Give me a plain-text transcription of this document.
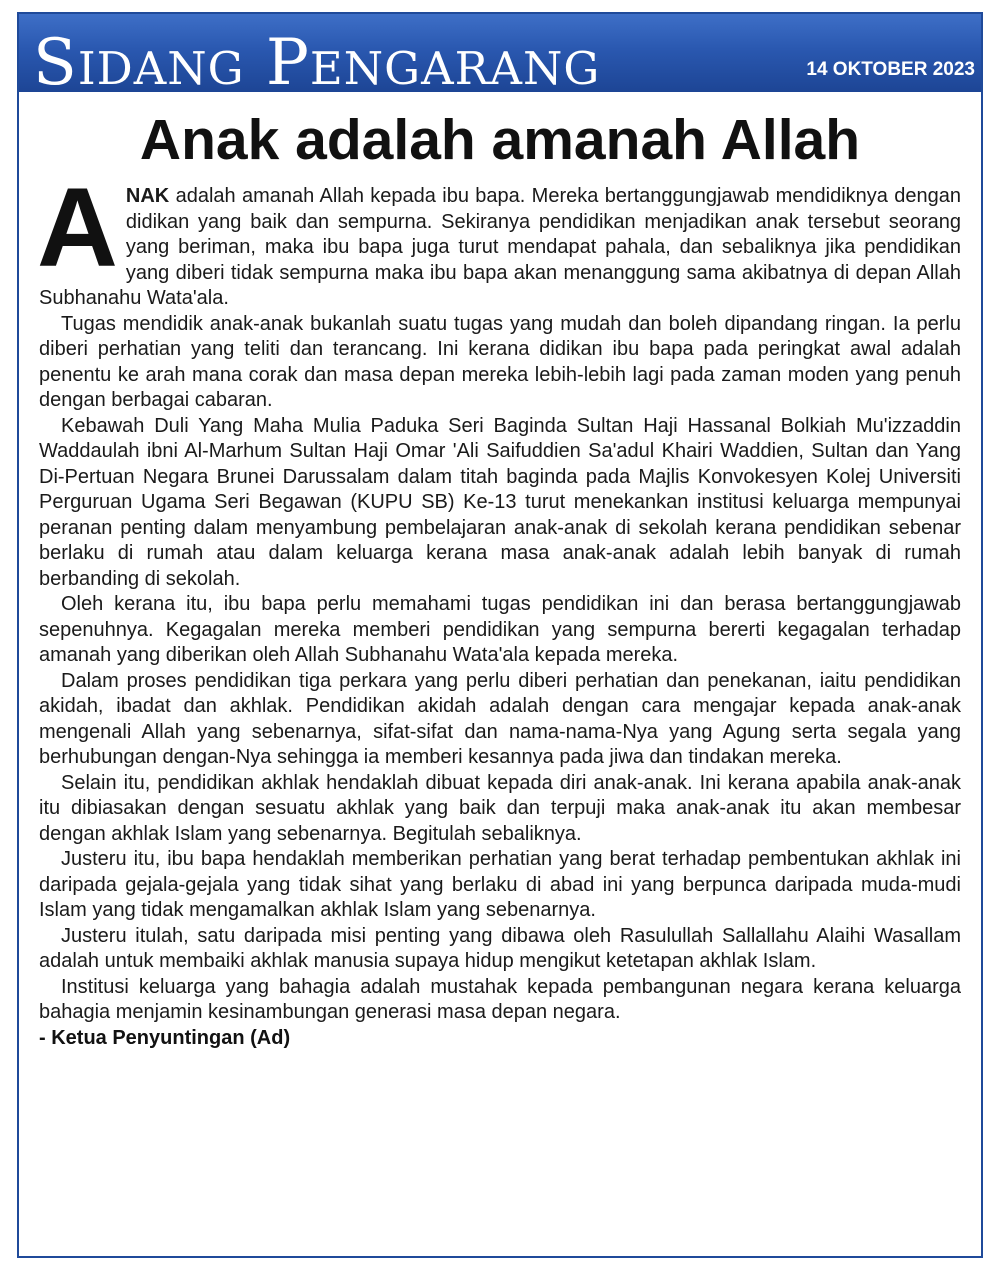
Sidang Pengarang	14 OKTOBER 2023
Anak adalah amanah Allah

ANAK adalah amanah Allah kepada ibu bapa. Mereka bertanggungjawab mendidiknya dengan didikan yang baik dan sempurna. Sekiranya pendidikan menjadikan anak tersebut seorang yang beriman, maka ibu bapa juga turut mendapat pahala, dan sebaliknya jika pendidikan yang diberi tidak sempurna maka ibu bapa akan menanggung sama akibatnya di depan Allah Subhanahu Wata'ala.

Tugas mendidik anak-anak bukanlah suatu tugas yang mudah dan boleh dipandang ringan. Ia perlu diberi perhatian yang teliti dan terancang. Ini kerana didikan ibu bapa pada peringkat awal adalah penentu ke arah mana corak dan masa depan mereka lebih-lebih lagi pada zaman moden yang penuh dengan berbagai cabaran.

Kebawah Duli Yang Maha Mulia Paduka Seri Baginda Sultan Haji Hassanal Bolkiah Mu'izzaddin Waddaulah ibni Al-Marhum Sultan Haji Omar 'Ali Saifuddien Sa'adul Khairi Waddien, Sultan dan Yang Di-Pertuan Negara Brunei Darussalam dalam titah baginda pada Majlis Konvokesyen Kolej Universiti Perguruan Ugama Seri Begawan (KUPU SB) Ke-13 turut menekankan institusi keluarga mempunyai peranan penting dalam menyambung pembelajaran anak-anak di sekolah kerana pendidikan sebenar berlaku di rumah atau dalam keluarga kerana masa anak-anak adalah lebih banyak di rumah berbanding di sekolah.

Oleh kerana itu, ibu bapa perlu memahami tugas pendidikan ini dan berasa bertanggungjawab sepenuhnya. Kegagalan mereka memberi pendidikan yang sempurna bererti kegagalan terhadap amanah yang diberikan oleh Allah Subhanahu Wata'ala kepada mereka.

Dalam proses pendidikan tiga perkara yang perlu diberi perhatian dan penekanan, iaitu pendidikan akidah, ibadat dan akhlak. Pendidikan akidah adalah dengan cara mengajar kepada anak-anak mengenali Allah yang sebenarnya, sifat-sifat dan nama-nama-Nya yang Agung serta segala yang berhubungan dengan-Nya sehingga ia memberi kesannya pada jiwa dan tindakan mereka.

Selain itu, pendidikan akhlak hendaklah dibuat kepada diri anak-anak. Ini kerana apabila anak-anak itu dibiasakan dengan sesuatu akhlak yang baik dan terpuji maka anak-anak itu akan membesar dengan akhlak Islam yang sebenarnya. Begitulah sebaliknya.

Justeru itu, ibu bapa hendaklah memberikan perhatian yang berat terhadap pembentukan akhlak ini daripada gejala-gejala yang tidak sihat yang berlaku di abad ini yang berpunca daripada muda-mudi Islam yang tidak mengamalkan akhlak Islam yang sebenarnya.

Justeru itulah, satu daripada misi penting yang dibawa oleh Rasulullah Sallallahu Alaihi Wasallam adalah untuk membaiki akhlak manusia supaya hidup mengikut ketetapan akhlak Islam.

Institusi keluarga yang bahagia adalah mustahak kepada pembangunan negara kerana keluarga bahagia menjamin kesinambungan generasi masa depan negara.

- Ketua Penyuntingan (Ad)
